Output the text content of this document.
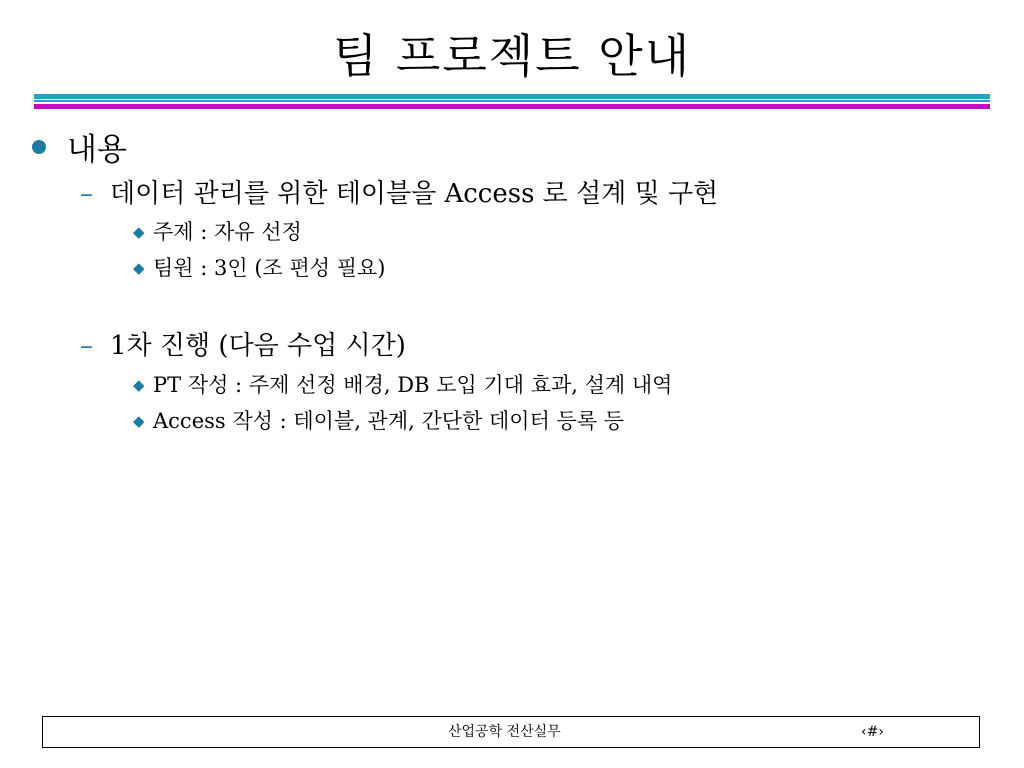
팀 프로젝트 안내
내용
– 데이터 관리를 위한 테이블을 Access 로 설계 및 구현
◆ 주제 : 자유 선정
◆ 팀원 : 3인 (조 편성 필요)
– 1차 진행 (다음 수업 시간)
◆ PT 작성 : 주제 선정 배경, DB 도입 기대 효과, 설계 내역
◆ Access 작성 : 테이블, 관계, 간단한 데이터 등록 등
산업공학 전산실무	‹#›
